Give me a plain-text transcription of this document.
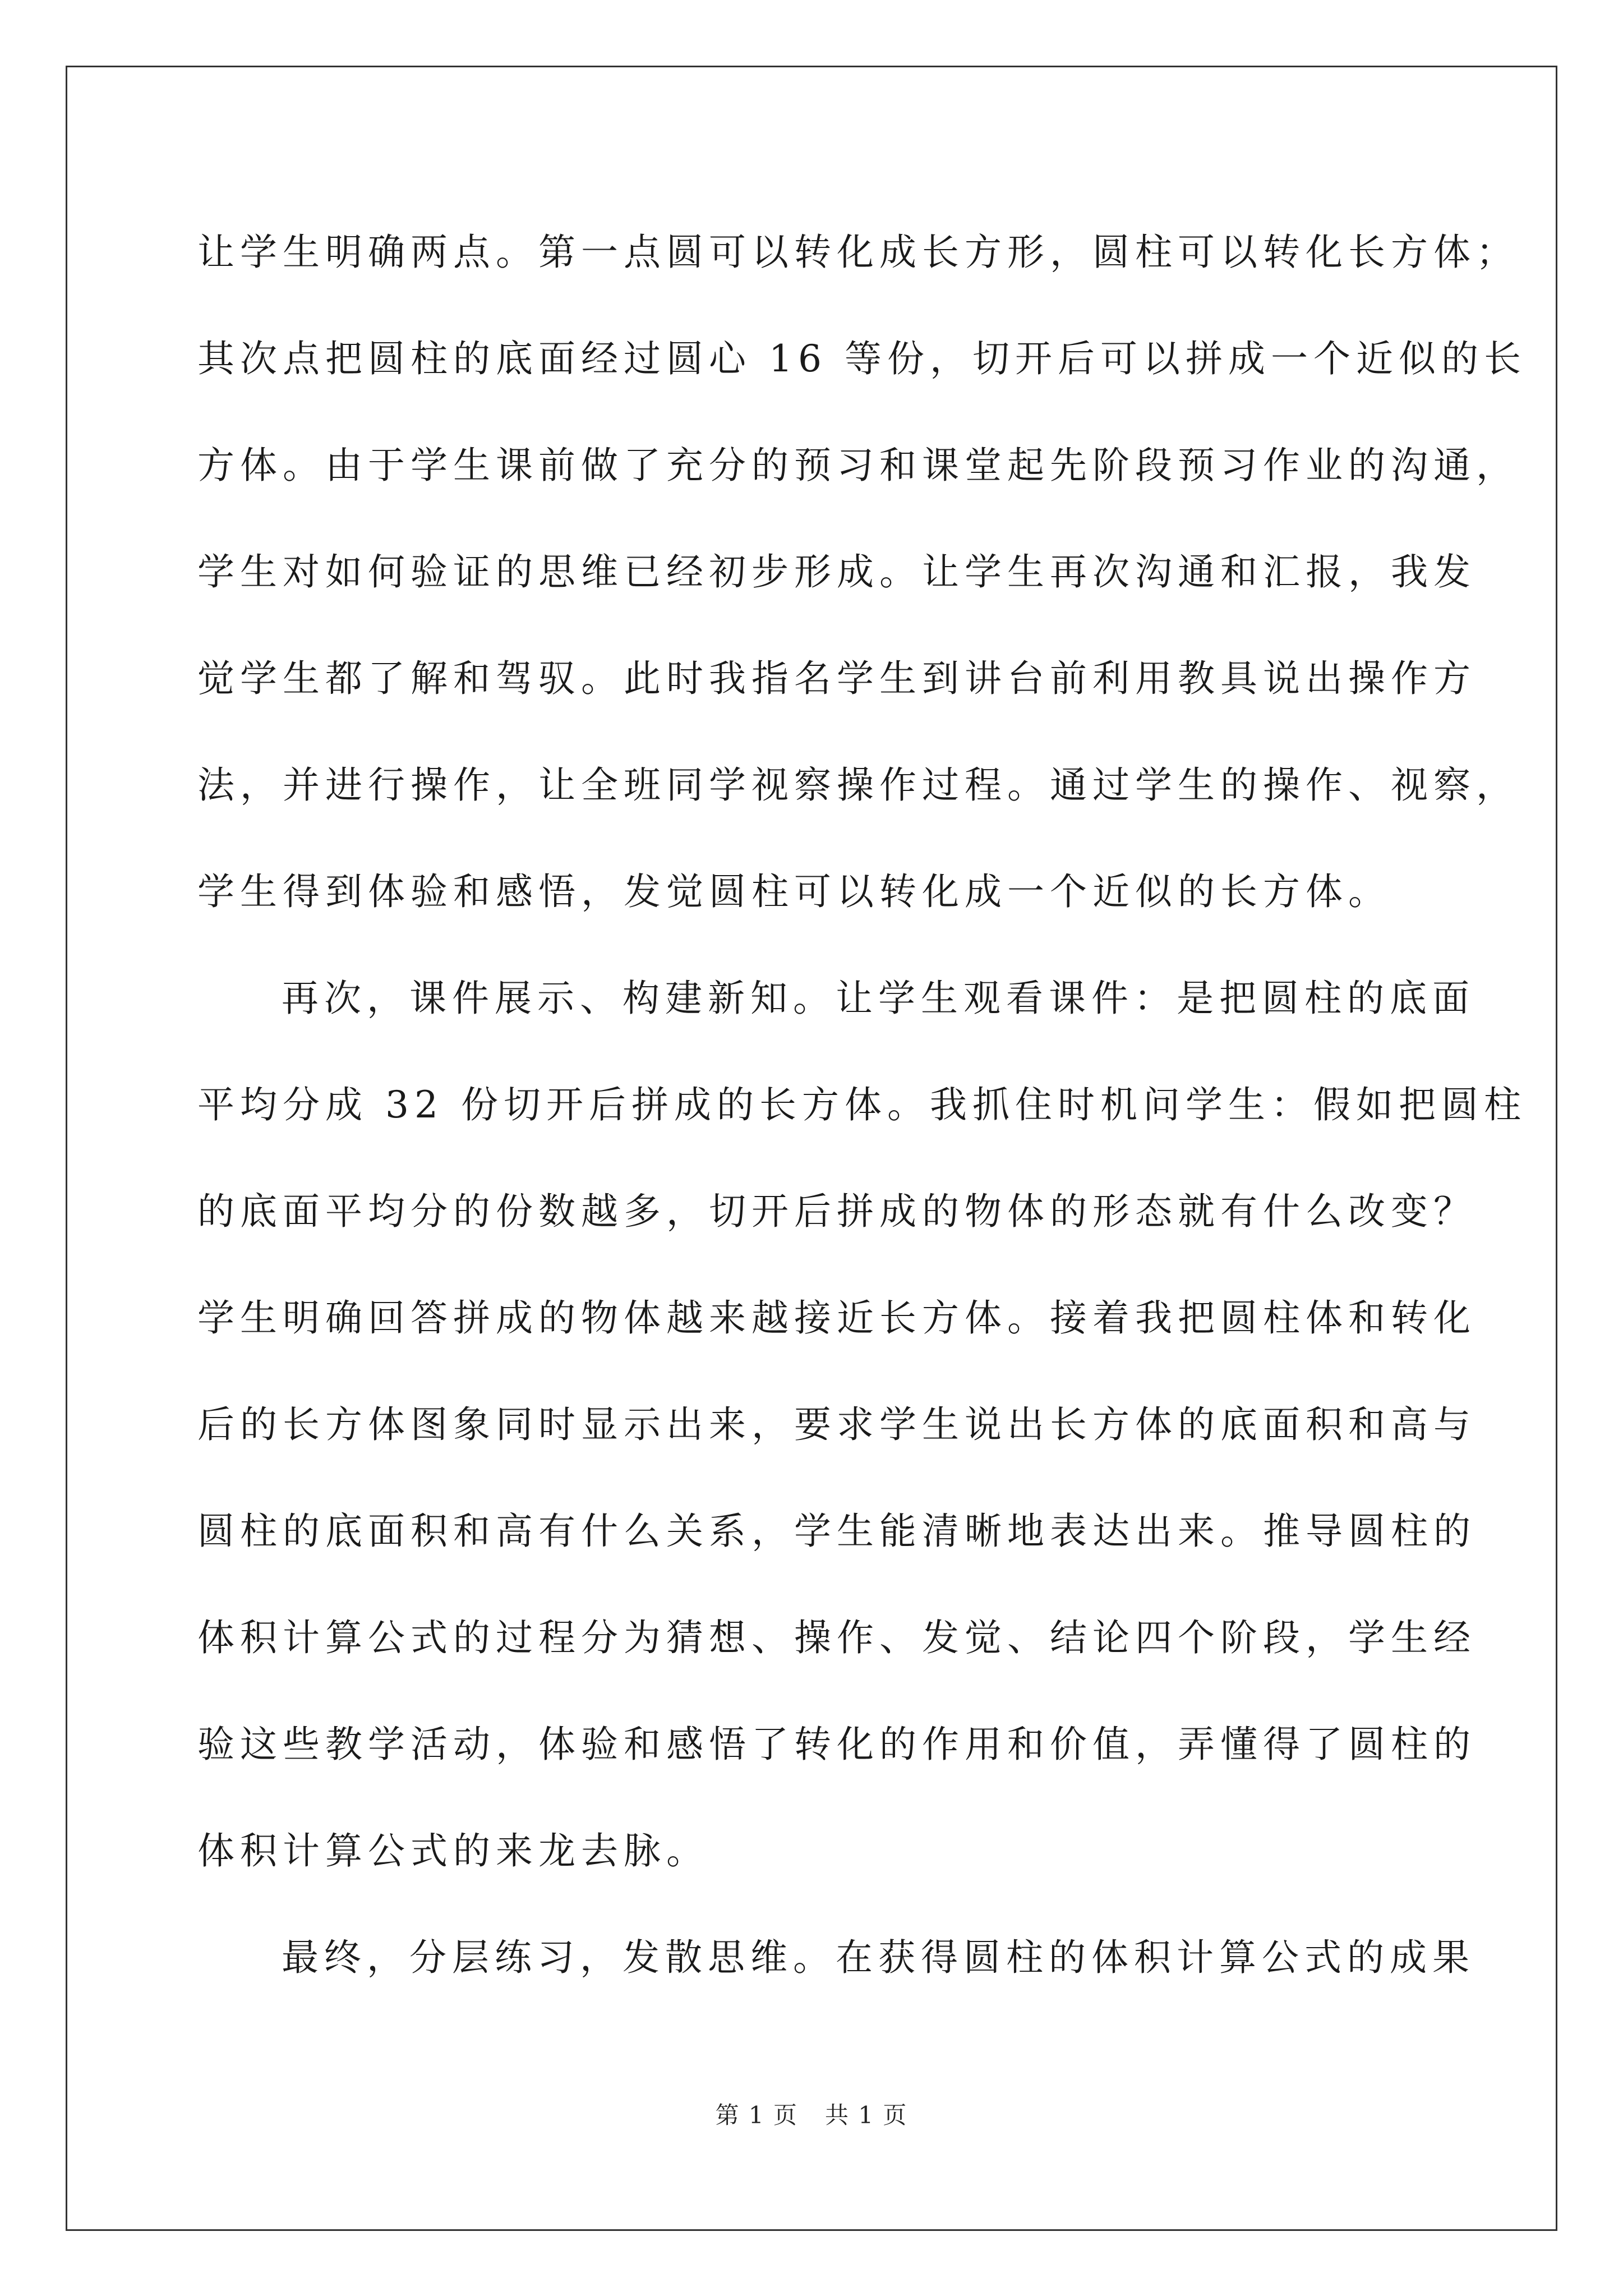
让学生明确两点。第一点圆可以转化成长方形，圆柱可以转化长方体；
其次点把圆柱的底面经过圆心 16 等份，切开后可以拼成一个近似的长
方体。由于学生课前做了充分的预习和课堂起先阶段预习作业的沟通，
学生对如何验证的思维已经初步形成。让学生再次沟通和汇报，我发
觉学生都了解和驾驭。此时我指名学生到讲台前利用教具说出操作方
法，并进行操作，让全班同学视察操作过程。通过学生的操作、视察，
学生得到体验和感悟，发觉圆柱可以转化成一个近似的长方体。
再次，课件展示、构建新知。让学生观看课件：是把圆柱的底面
平均分成 32 份切开后拼成的长方体。我抓住时机问学生：假如把圆柱
的底面平均分的份数越多，切开后拼成的物体的形态就有什么改变？
学生明确回答拼成的物体越来越接近长方体。接着我把圆柱体和转化
后的长方体图象同时显示出来，要求学生说出长方体的底面积和高与
圆柱的底面积和高有什么关系，学生能清晰地表达出来。推导圆柱的
体积计算公式的过程分为猜想、操作、发觉、结论四个阶段，学生经
验这些教学活动，体验和感悟了转化的作用和价值，弄懂得了圆柱的
体积计算公式的来龙去脉。
最终，分层练习，发散思维。在获得圆柱的体积计算公式的成果
第 1 页 共 1 页
